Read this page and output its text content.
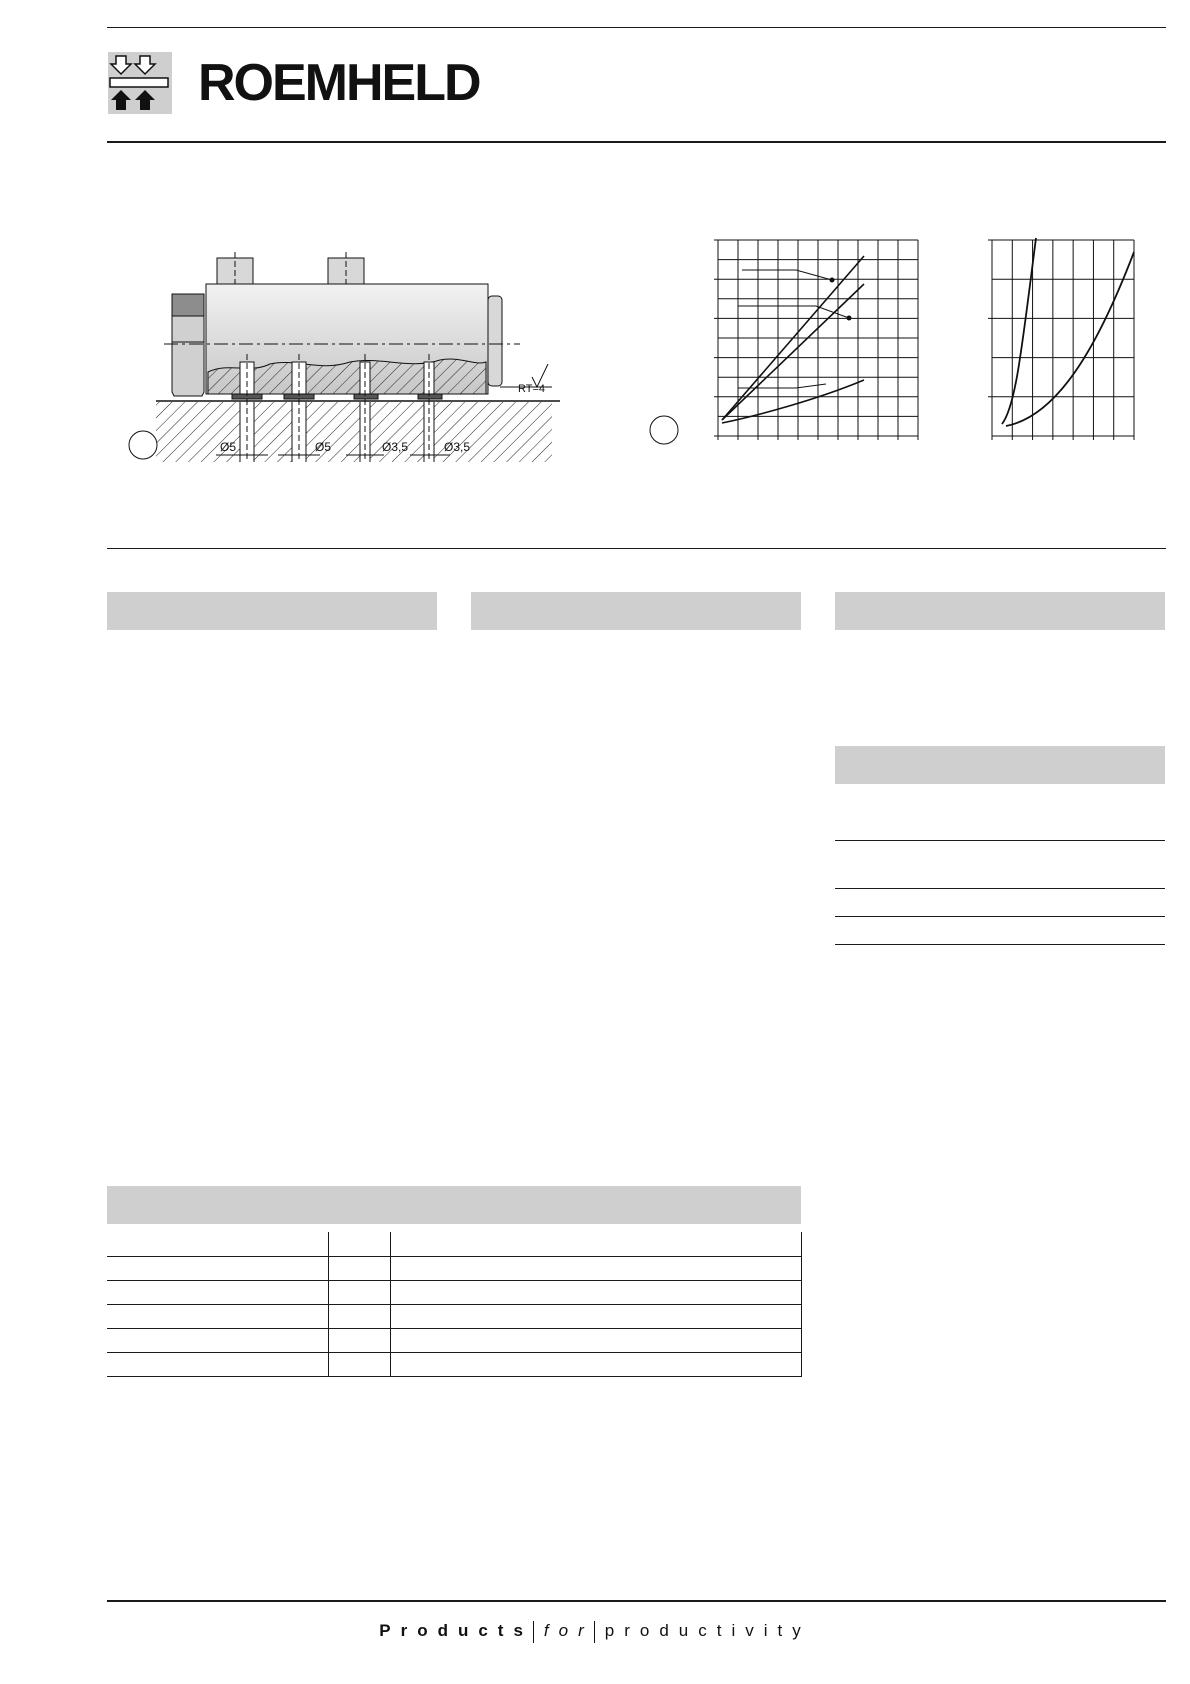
ROEMHELD
Ø5	Ø5	Ø3,5	Ø3,5
RT=4
Products for productivity
